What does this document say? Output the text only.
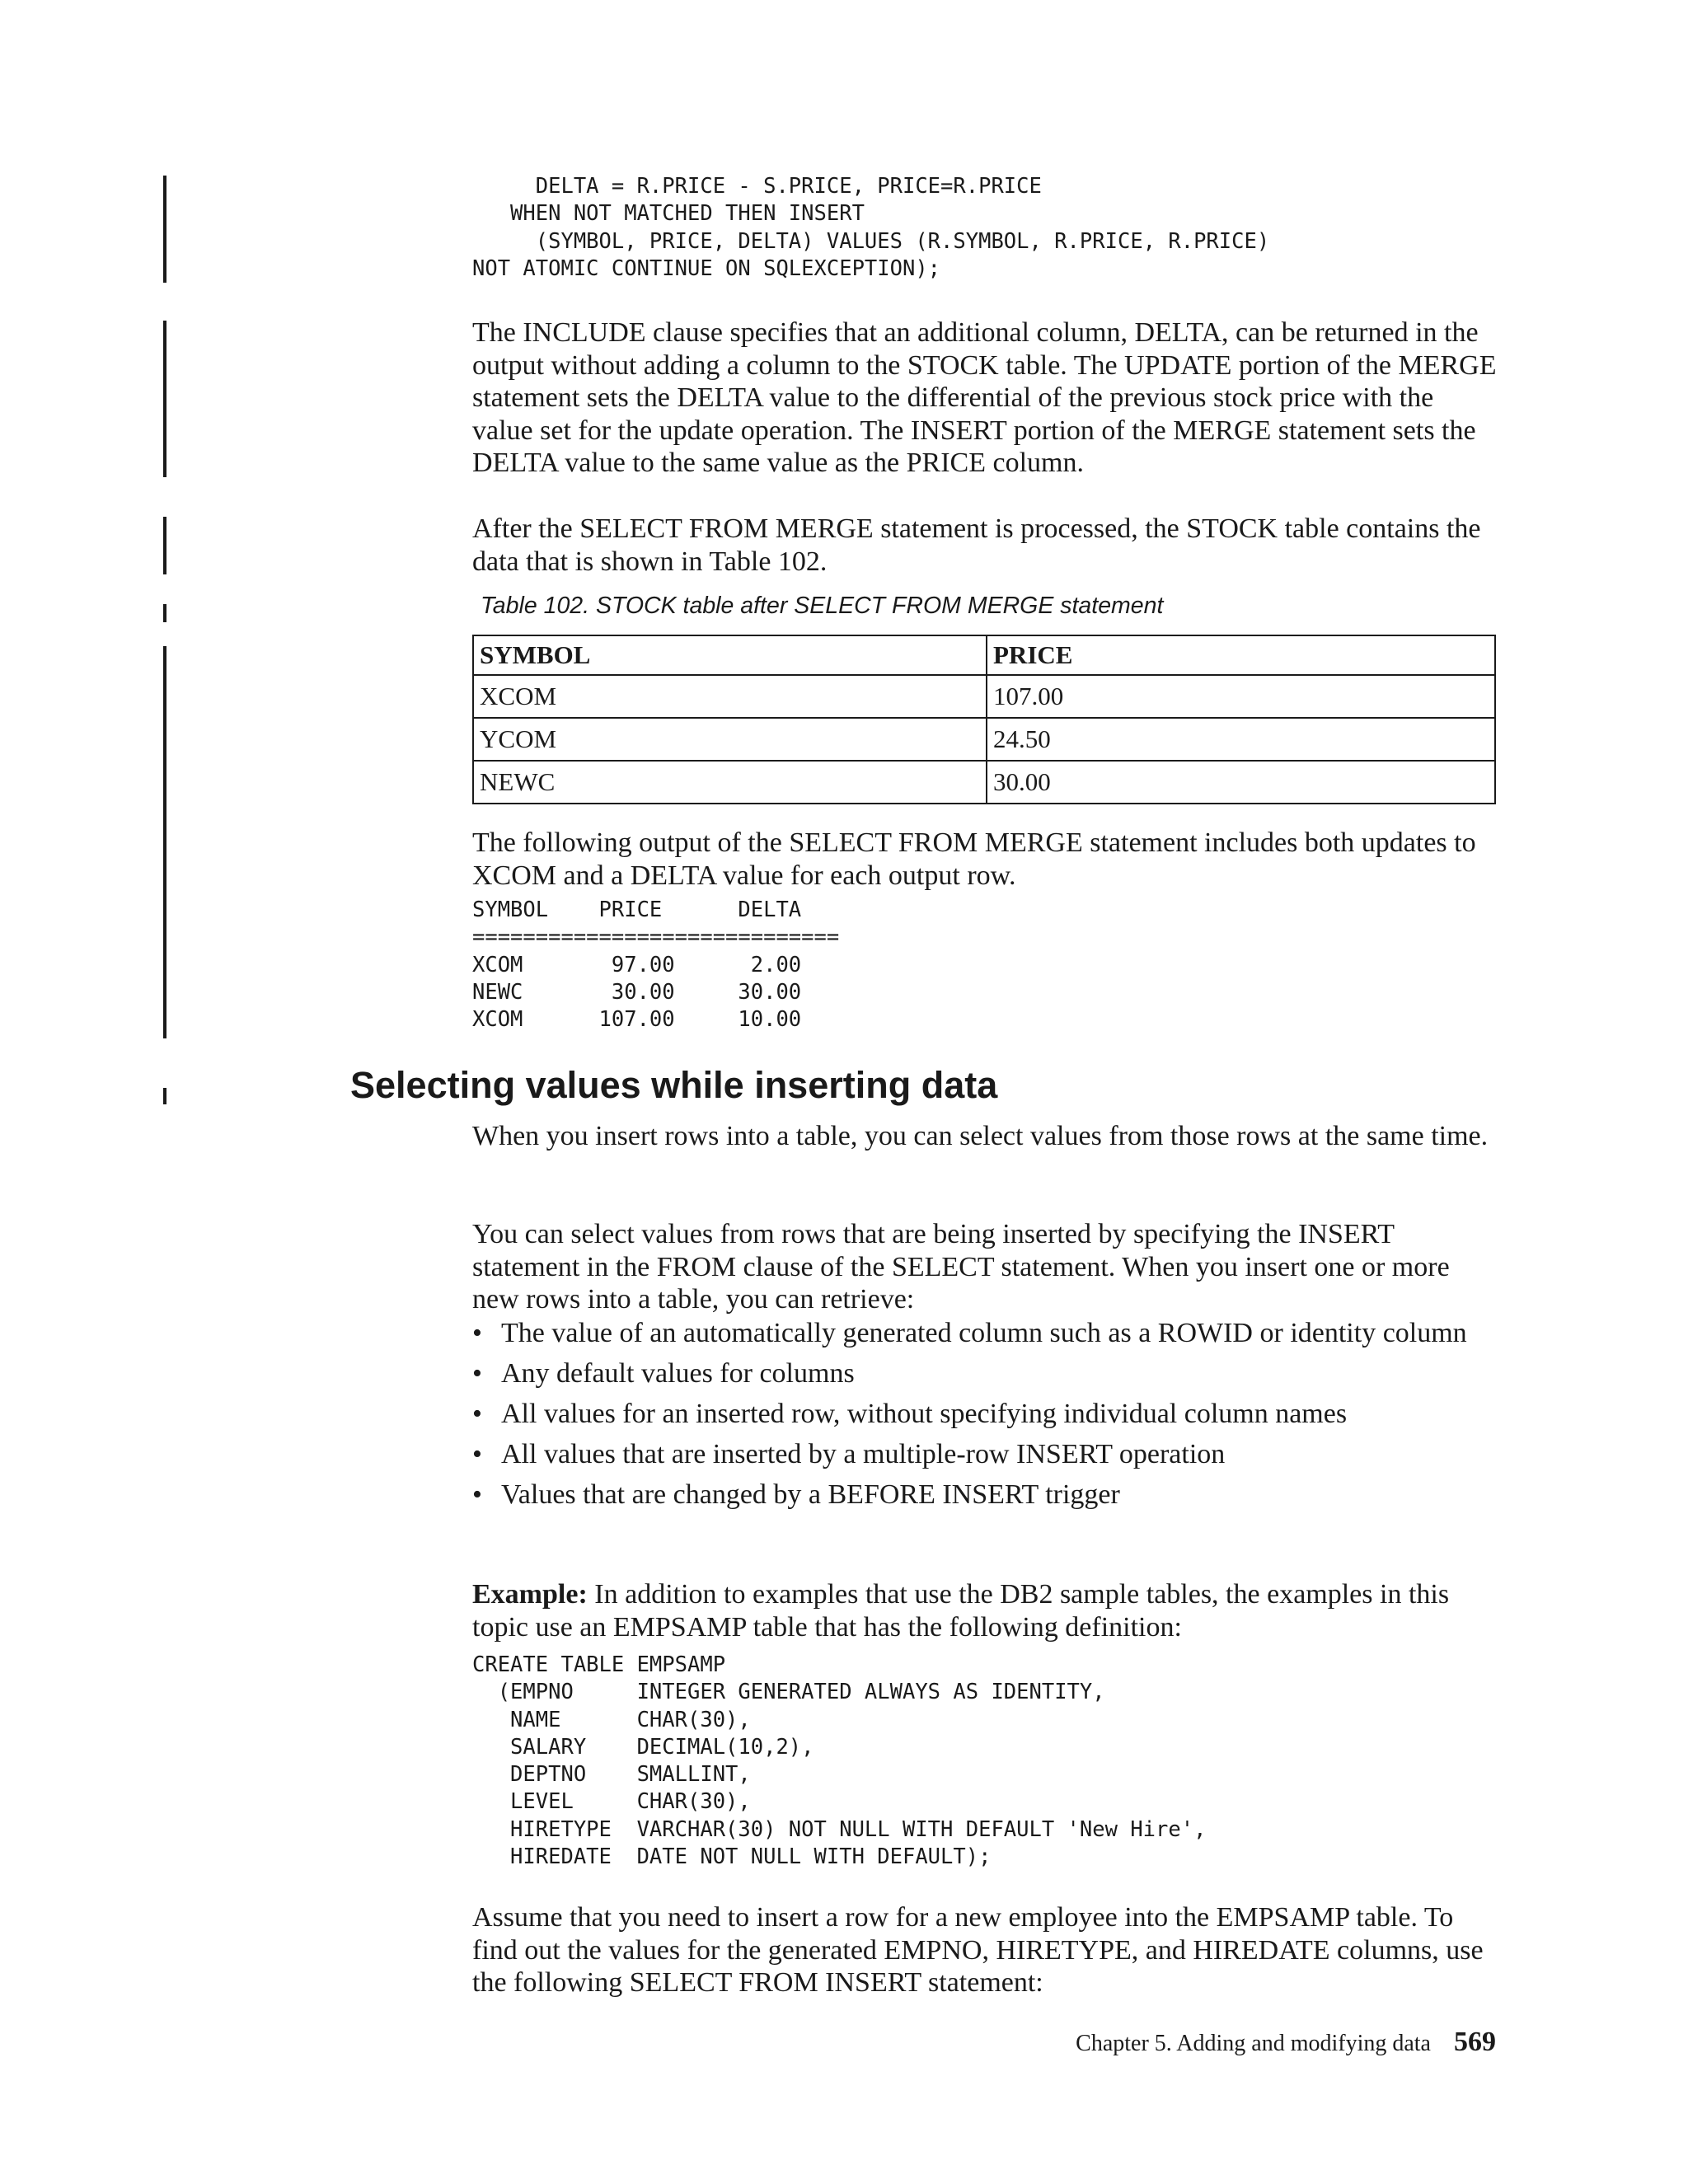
DELTA = R.PRICE - S.PRICE, PRICE=R.PRICE
WHEN NOT MATCHED THEN INSERT
(SYMBOL, PRICE, DELTA) VALUES (R.SYMBOL, R.PRICE, R.PRICE)
NOT ATOMIC CONTINUE ON SQLEXCEPTION);

The INCLUDE clause specifies that an additional column, DELTA, can be returned in the output without adding a column to the STOCK table. The UPDATE portion of the MERGE statement sets the DELTA value to the differential of the previous stock price with the value set for the update operation. The INSERT portion of the MERGE statement sets the DELTA value to the same value as the PRICE column.

After the SELECT FROM MERGE statement is processed, the STOCK table contains the data that is shown in Table 102.

Table 102. STOCK table after SELECT FROM MERGE statement

SYMBOL	PRICE
XCOM	107.00
YCOM	24.50
NEWC	30.00

The following output of the SELECT FROM MERGE statement includes both updates to XCOM and a DELTA value for each output row.

SYMBOL    PRICE      DELTA
=============================
XCOM       97.00      2.00
NEWC       30.00     30.00
XCOM      107.00     10.00
Selecting values while inserting data

When you insert rows into a table, you can select values from those rows at the same time.

You can select values from rows that are being inserted by specifying the INSERT statement in the FROM clause of the SELECT statement. When you insert one or more new rows into a table, you can retrieve:

• The value of an automatically generated column such as a ROWID or identity column
• Any default values for columns
• All values for an inserted row, without specifying individual column names
• All values that are inserted by a multiple-row INSERT operation
• Values that are changed by a BEFORE INSERT trigger

Example: In addition to examples that use the DB2 sample tables, the examples in this topic use an EMPSAMP table that has the following definition:

CREATE TABLE EMPSAMP
(EMPNO     INTEGER GENERATED ALWAYS AS IDENTITY,
NAME      CHAR(30),
SALARY    DECIMAL(10,2),
DEPTNO    SMALLINT,
LEVEL     CHAR(30),
HIRETYPE  VARCHAR(30) NOT NULL WITH DEFAULT 'New Hire',
HIREDATE  DATE NOT NULL WITH DEFAULT);

Assume that you need to insert a row for a new employee into the EMPSAMP table. To find out the values for the generated EMPNO, HIRETYPE, and HIREDATE columns, use the following SELECT FROM INSERT statement:

Chapter 5. Adding and modifying data 569
